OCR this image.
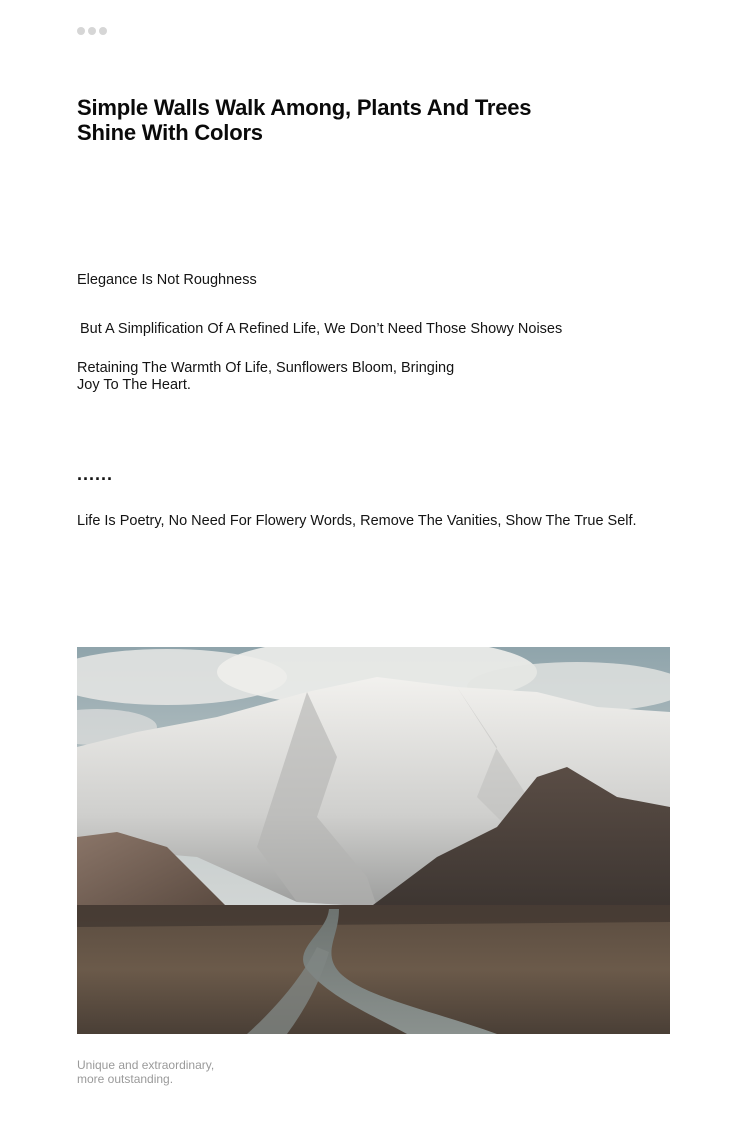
Simple Walls Walk Among, Plants And Trees
Shine With Colors

Elegance Is Not Roughness

But A Simplification Of A Refined Life, We Don’t Need Those Showy Noises

Retaining The Warmth Of Life, Sunflowers Bloom, Bringing
Joy To The Heart.

......

Life Is Poetry, No Need For Flowery Words, Remove The Vanities, Show The True Self.

Unique and extraordinary,
more outstanding.
